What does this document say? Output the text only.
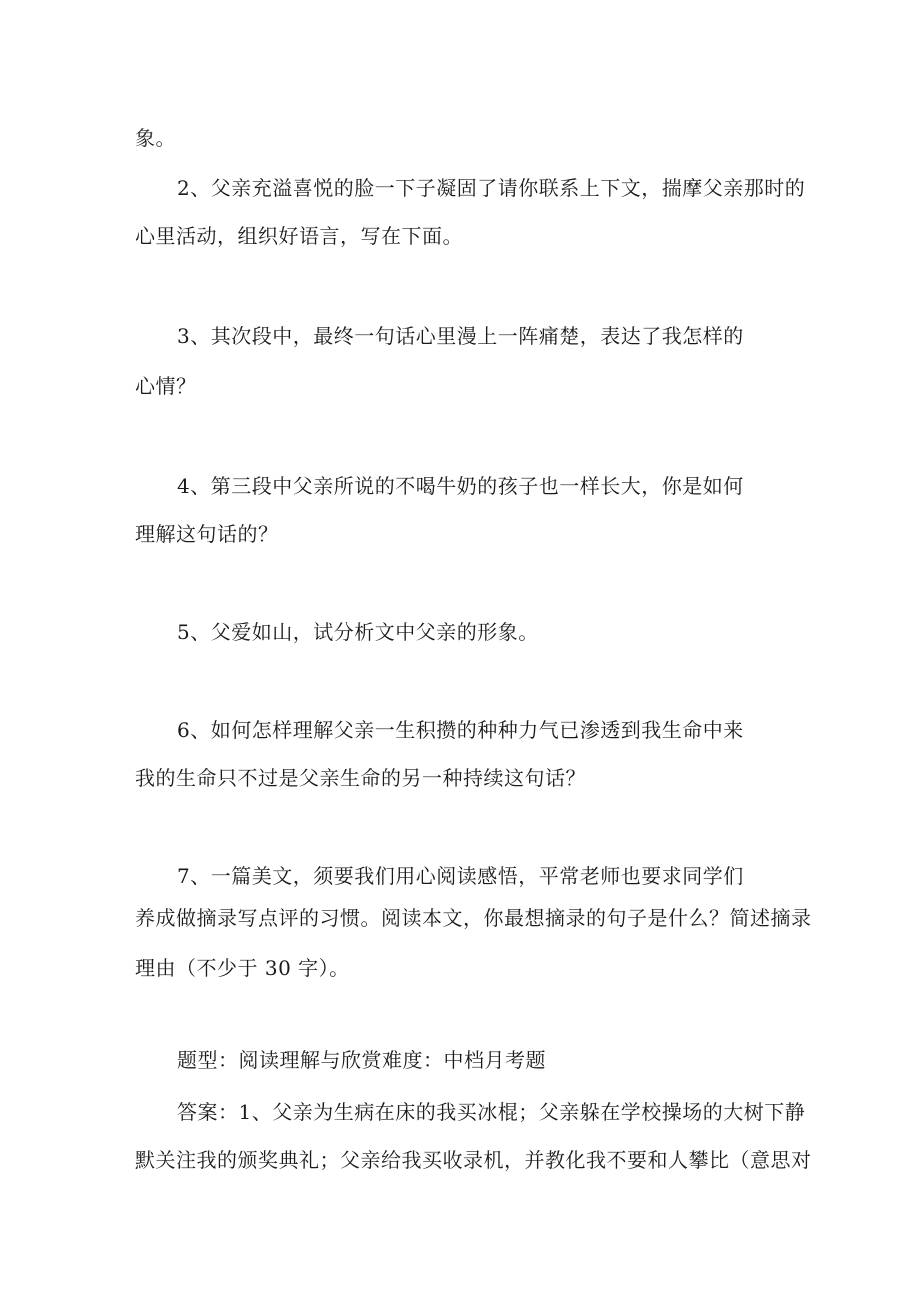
象。
2、父亲充溢喜悦的脸一下子凝固了请你联系上下文，揣摩父亲那时的
心里活动，组织好语言，写在下面。
3、其次段中，最终一句话心里漫上一阵痛楚，表达了我怎样的
心情？
4、第三段中父亲所说的不喝牛奶的孩子也一样长大，你是如何
理解这句话的？
5、父爱如山，试分析文中父亲的形象。
6、如何怎样理解父亲一生积攒的种种力气已渗透到我生命中来
我的生命只不过是父亲生命的另一种持续这句话？
7、一篇美文，须要我们用心阅读感悟，平常老师也要求同学们
养成做摘录写点评的习惯。阅读本文，你最想摘录的句子是什么？简述摘录
理由（不少于 30 字）。
题型：阅读理解与欣赏难度：中档月考题
答案：1、父亲为生病在床的我买冰棍；父亲躲在学校操场的大树下静
默关注我的颁奖典礼；父亲给我买收录机，并教化我不要和人攀比（意思对
